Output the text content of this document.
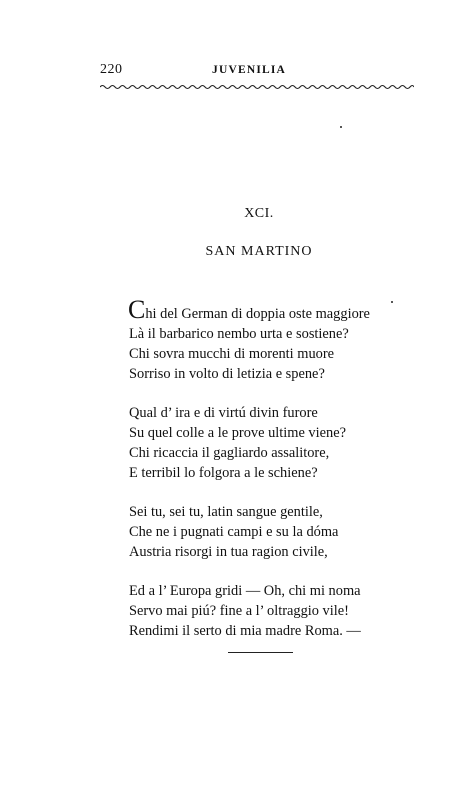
220	JUVENILIA
XCI.
SAN MARTINO
Chi del German di doppia oste maggiore
Là il barbarico nembo urta e sostiene?
Chi sovra mucchi di morenti muore
Sorriso in volto di letizia e spene?
Qual d’ ira e di virtú divin furore
Su quel colle a le prove ultime viene?
Chi ricaccia il gagliardo assalitore,
E terribil lo folgora a le schiene?
Sei tu, sei tu, latin sangue gentile,
Che ne i pugnati campi e su la dóma
Austria risorgi in tua ragion civile,
Ed a l’ Europa gridi — Oh, chi mi noma
Servo mai piú? fine a l’ oltraggio vile!
Rendimi il serto di mia madre Roma. —
